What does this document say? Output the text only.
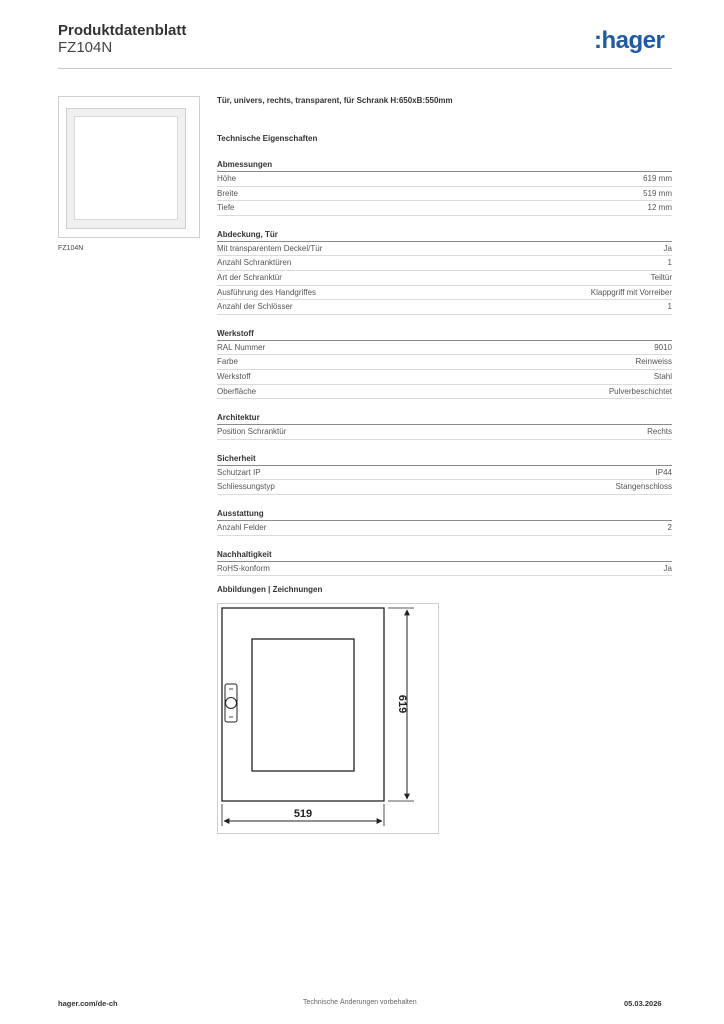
Produktdatenblatt
FZ104N	:hager
FZ104N
Tür, univers, rechts, transparent, für Schrank H:650xB:550mm
Technische Eigenschaften
Abmessungen
Höhe	619 mm
Breite	519 mm
Tiefe	12 mm
Abdeckung, Tür
Mit transparentem Deckel/Tür	Ja
Anzahl Schranktüren	1
Art der Schranktür	Teiltür
Ausführung des Handgriffes	Klappgriff mit Vorreiber
Anzahl der Schlösser	1
Werkstoff
RAL Nummer	9010
Farbe	Reinweiss
Werkstoff	Stahl
Oberfläche	Pulverbeschichtet
Architektur
Position Schranktür	Rechts
Sicherheit
Schutzart IP	IP44
Schliessungstyp	Stangenschloss
Ausstattung
Anzahl Felder	2
Nachhaltigkeit
RoHS-konform	Ja
Abbildungen | Zeichnungen
619
519
hager.com/de-ch	Technische Änderungen vorbehalten	05.03.2026
